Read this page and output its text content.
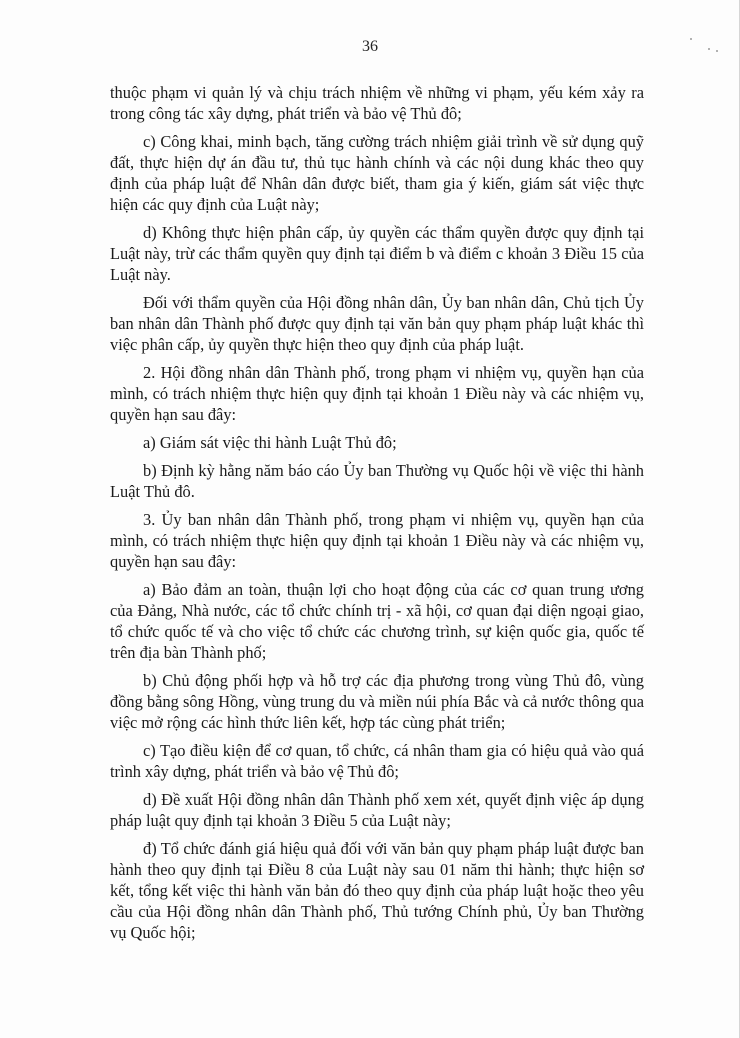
36

thuộc phạm vi quản lý và chịu trách nhiệm về những vi phạm, yếu kém xảy ra trong công tác xây dựng, phát triển và bảo vệ Thủ đô;

c) Công khai, minh bạch, tăng cường trách nhiệm giải trình về sử dụng quỹ đất, thực hiện dự án đầu tư, thủ tục hành chính và các nội dung khác theo quy định của pháp luật để Nhân dân được biết, tham gia ý kiến, giám sát việc thực hiện các quy định của Luật này;

d) Không thực hiện phân cấp, ủy quyền các thẩm quyền được quy định tại Luật này, trừ các thẩm quyền quy định tại điểm b và điểm c khoản 3 Điều 15 của Luật này.

Đối với thẩm quyền của Hội đồng nhân dân, Ủy ban nhân dân, Chủ tịch Ủy ban nhân dân Thành phố được quy định tại văn bản quy phạm pháp luật khác thì việc phân cấp, ủy quyền thực hiện theo quy định của pháp luật.

2. Hội đồng nhân dân Thành phố, trong phạm vi nhiệm vụ, quyền hạn của mình, có trách nhiệm thực hiện quy định tại khoản 1 Điều này và các nhiệm vụ, quyền hạn sau đây:

a) Giám sát việc thi hành Luật Thủ đô;

b) Định kỳ hằng năm báo cáo Ủy ban Thường vụ Quốc hội về việc thi hành Luật Thủ đô.

3. Ủy ban nhân dân Thành phố, trong phạm vi nhiệm vụ, quyền hạn của mình, có trách nhiệm thực hiện quy định tại khoản 1 Điều này và các nhiệm vụ, quyền hạn sau đây:

a) Bảo đảm an toàn, thuận lợi cho hoạt động của các cơ quan trung ương của Đảng, Nhà nước, các tổ chức chính trị - xã hội, cơ quan đại diện ngoại giao, tổ chức quốc tế và cho việc tổ chức các chương trình, sự kiện quốc gia, quốc tế trên địa bàn Thành phố;

b) Chủ động phối hợp và hỗ trợ các địa phương trong vùng Thủ đô, vùng đồng bằng sông Hồng, vùng trung du và miền núi phía Bắc và cả nước thông qua việc mở rộng các hình thức liên kết, hợp tác cùng phát triển;

c) Tạo điều kiện để cơ quan, tổ chức, cá nhân tham gia có hiệu quả vào quá trình xây dựng, phát triển và bảo vệ Thủ đô;

d) Đề xuất Hội đồng nhân dân Thành phố xem xét, quyết định việc áp dụng pháp luật quy định tại khoản 3 Điều 5 của Luật này;

đ) Tổ chức đánh giá hiệu quả đối với văn bản quy phạm pháp luật được ban hành theo quy định tại Điều 8 của Luật này sau 01 năm thi hành; thực hiện sơ kết, tổng kết việc thi hành văn bản đó theo quy định của pháp luật hoặc theo yêu cầu của Hội đồng nhân dân Thành phố, Thủ tướng Chính phủ, Ủy ban Thường vụ Quốc hội;
